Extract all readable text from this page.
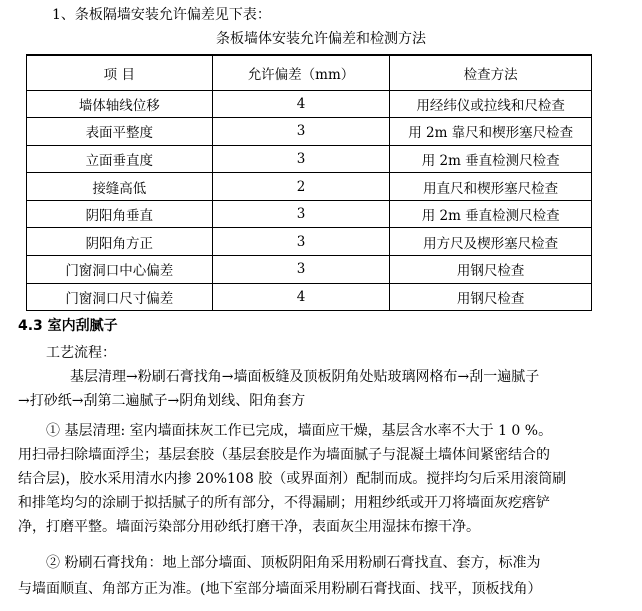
1、条板隔墙安装允许偏差见下表：
条板墙体安装允许偏差和检测方法
项 目	允许偏差（mm）	检查方法
墙体轴线位移	4	用经纬仪或拉线和尺检查
表面平整度	3	用 2m 靠尺和楔形塞尺检查
立面垂直度	3	用 2m 垂直检测尺检查
接缝高低	2	用直尺和楔形塞尺检查
阴阳角垂直	3	用 2m 垂直检测尺检查
阴阳角方正	3	用方尺及楔形塞尺检查
门窗洞口中心偏差	3	用钢尺检查
门窗洞口尺寸偏差	4	用钢尺检查
4.3 室内刮腻子
工艺流程：
基层清理→粉刷石膏找角→墙面板缝及顶板阴角处贴玻璃网格布→刮一遍腻子
→打砂纸→刮第二遍腻子→阴角划线、阳角套方
① 基层清理: 室内墙面抹灰工作已完成，墙面应干燥，基层含水率不大于 1 0 %。
用扫帚扫除墙面浮尘；基层套胶（基层套胶是作为墙面腻子与混凝土墙体间紧密结合的
结合层)，胶水采用清水内掺 20%108 胶（或界面剂）配制而成。搅拌均匀后采用滚筒刷
和排笔均匀的涂刷于拟括腻子的所有部分，不得漏刷；用粗纱纸或开刀将墙面灰疙瘩铲
净，打磨平整。墙面污染部分用砂纸打磨干净，表面灰尘用湿抹布擦干净。
② 粉刷石膏找角：地上部分墙面、顶板阴阳角采用粉刷石膏找直、套方，标准为
与墙面顺直、角部方正为准。(地下室部分墙面采用粉刷石膏找面、找平，顶板找角）
